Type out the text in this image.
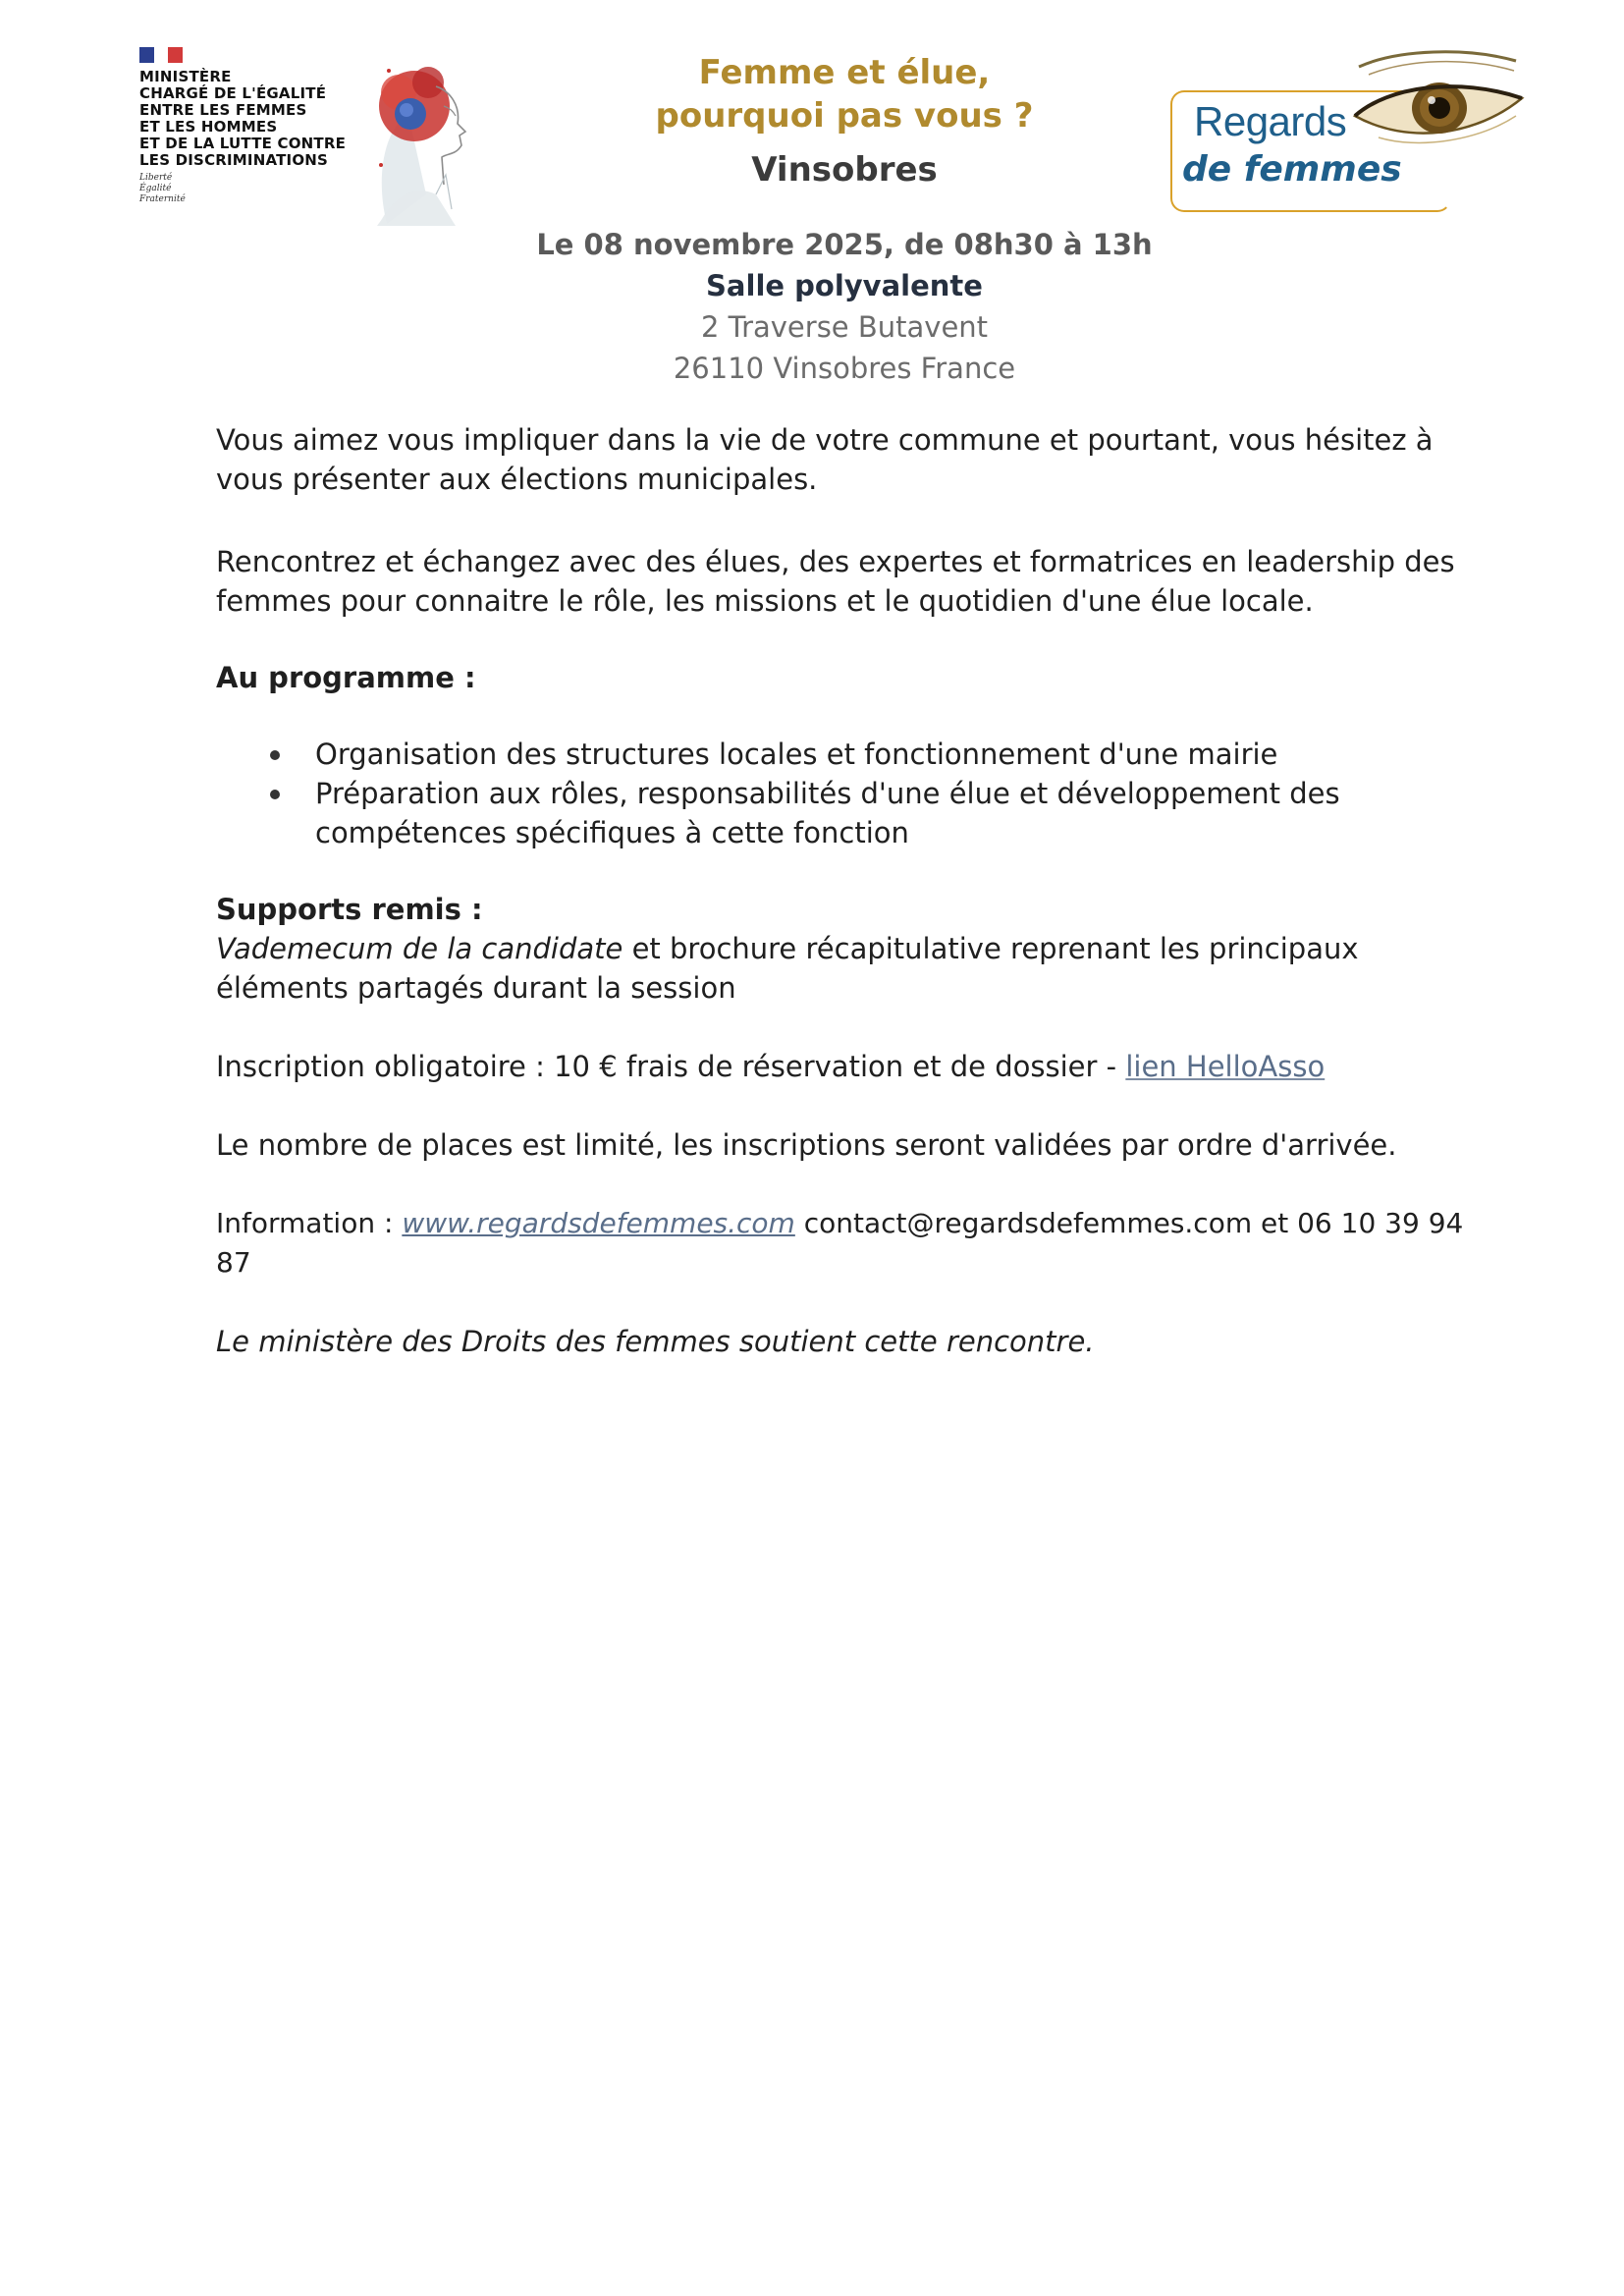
MINISTÈRE
CHARGÉ DE L'ÉGALITÉ
ENTRE LES FEMMES
ET LES HOMMES
ET DE LA LUTTE CONTRE
LES DISCRIMINATIONS
Liberté
Égalité
Fraternité
Femme et élue,
pourquoi pas vous ?
Vinsobres
Regards
de femmes
Le 08 novembre 2025, de 08h30 à 13h
Salle polyvalente
2 Traverse Butavent
26110 Vinsobres France

Vous aimez vous impliquer dans la vie de votre commune et pourtant, vous hésitez à vous présenter aux élections municipales.

Rencontrez et échangez avec des élues, des expertes et formatrices en leadership des femmes pour connaitre le rôle, les missions et le quotidien d'une élue locale.

Au programme :

Organisation des structures locales et fonctionnement d'une mairie
Préparation aux rôles, responsabilités d'une élue et développement des compétences spécifiques à cette fonction

Supports remis :

Vademecum de la candidate et brochure récapitulative reprenant les principaux éléments partagés durant la session

Inscription obligatoire : 10 € frais de réservation et de dossier - lien HelloAsso

Le nombre de places est limité, les inscriptions seront validées par ordre d'arrivée.

Information : www.regardsdefemmes.com contact@regardsdefemmes.com et 06 10 39 94 87

Le ministère des Droits des femmes soutient cette rencontre.
